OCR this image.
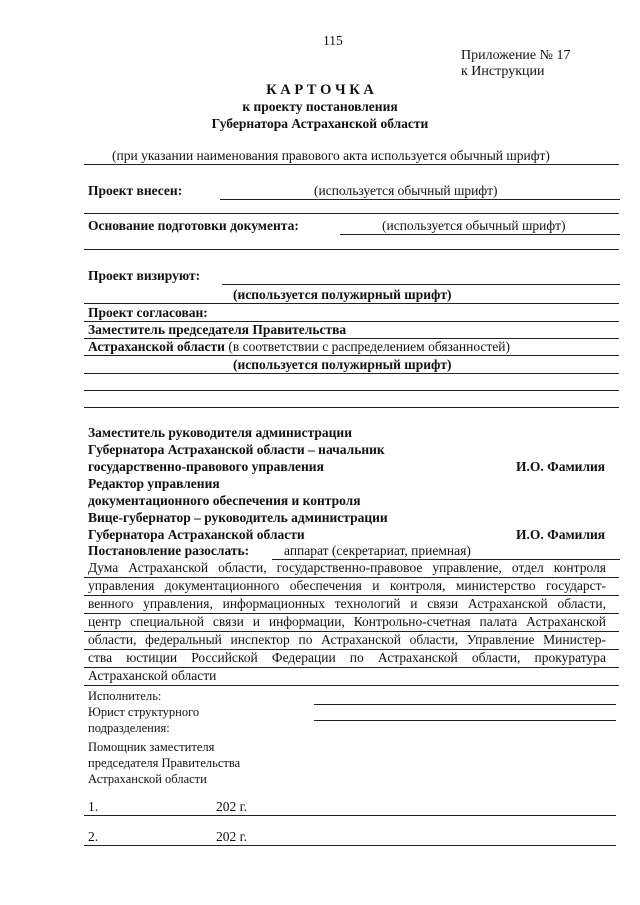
115
Приложение № 17
к Инструкции
К А Р Т О Ч К А
к проекту постановления
Губернатора Астраханской области
(при указании наименования правового акта используется обычный шрифт)
Проект внесен:	(используется обычный шрифт)
Основание подготовки документа:	(используется обычный шрифт)
Проект визируют:
(используется полужирный шрифт)
Проект согласован:
Заместитель председателя Правительства
Астраханской области (в соответствии с распределением обязанностей)
(используется полужирный шрифт)
Заместитель руководителя администрации
Губернатора Астраханской области – начальник
государственно-правового управления	И.О. Фамилия
Редактор управления
документационного обеспечения и контроля
Вице-губернатор – руководитель администрации
Губернатора Астраханской области	И.О. Фамилия
Постановление разослать:	аппарат (секретариат, приемная)
Дума Астраханской области, государственно-правовое управление, отдел контроля
управления документационного обеспечения и контроля, министерство государст-
венного управления, информационных технологий и связи Астраханской области,
центр специальной связи и информации, Контрольно-счетная палата Астраханской
области, федеральный инспектор по Астраханской области, Управление Министер-
ства юстиции Российской Федерации по Астраханской области, прокуратура
Астраханской области
Исполнитель:
Юрист структурного
подразделения:
Помощник заместителя
председателя Правительства
Астраханской области
1.	202 г.
2.	202 г.
